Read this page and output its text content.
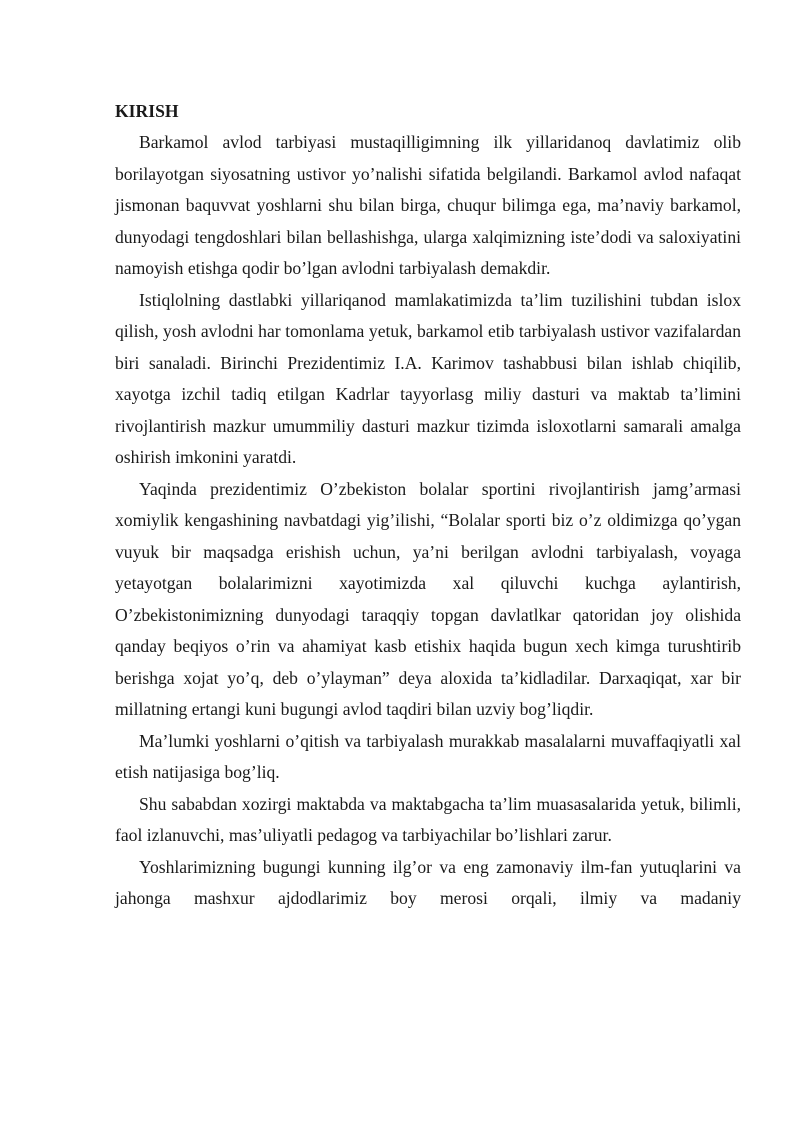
KIRISH

Barkamol avlod tarbiyasi mustaqilligimning ilk yillaridanoq davlatimiz olib borilayotgan siyosatning ustivor yo’nalishi sifatida belgilandi. Barkamol avlod nafaqat jismonan baquvvat yoshlarni shu bilan birga, chuqur bilimga ega, ma’naviy barkamol, dunyodagi tengdoshlari bilan bellashishga, ularga xalqimizning iste’dodi va saloxiyatini namoyish etishga qodir bo’lgan avlodni tarbiyalash demakdir.

Istiqlolning dastlabki yillariqanod mamlakatimizda ta’lim tuzilishini tubdan islox qilish, yosh avlodni har tomonlama yetuk, barkamol etib tarbiyalash ustivor vazifalardan biri sanaladi. Birinchi Prezidentimiz I.A. Karimov tashabbusi bilan ishlab chiqilib, xayotga izchil tadiq etilgan Kadrlar tayyorlasg miliy dasturi va maktab ta’limini rivojlantirish mazkur umummiliy dasturi mazkur tizimda isloxotlarni samarali amalga oshirish imkonini yaratdi.

Yaqinda prezidentimiz O’zbekiston bolalar sportini rivojlantirish jamg’armasi xomiylik kengashining navbatdagi yig’ilishi, “Bolalar sporti biz o’z oldimizga qo’ygan vuyuk bir maqsadga erishish uchun, ya’ni berilgan avlodni tarbiyalash, voyaga yetayotgan bolalarimizni xayotimizda xal qiluvchi kuchga aylantirish, O’zbekistonimizning dunyodagi taraqqiy topgan davlatlkar qatoridan joy olishida qanday beqiyos o’rin va ahamiyat kasb etishix haqida bugun xech kimga turushtirib berishga xojat yo’q, deb o’ylayman” deya aloxida ta’kidladilar. Darxaqiqat, xar bir millatning ertangi kuni bugungi avlod taqdiri bilan uzviy bog’liqdir.

Ma’lumki yoshlarni o’qitish va tarbiyalash murakkab masalalarni muvaffaqiyatli xal etish natijasiga bog’liq.

Shu sababdan xozirgi maktabda va maktabgacha ta’lim muasasalarida yetuk, bilimli, faol izlanuvchi, mas’uliyatli pedagog va tarbiyachilar bo’lishlari zarur.

Yoshlarimizning bugungi kunning ilg’or va eng zamonaviy ilm-fan yutuqlarini va jahonga mashxur ajdodlarimiz boy merosi orqali, ilmiy va madaniy
